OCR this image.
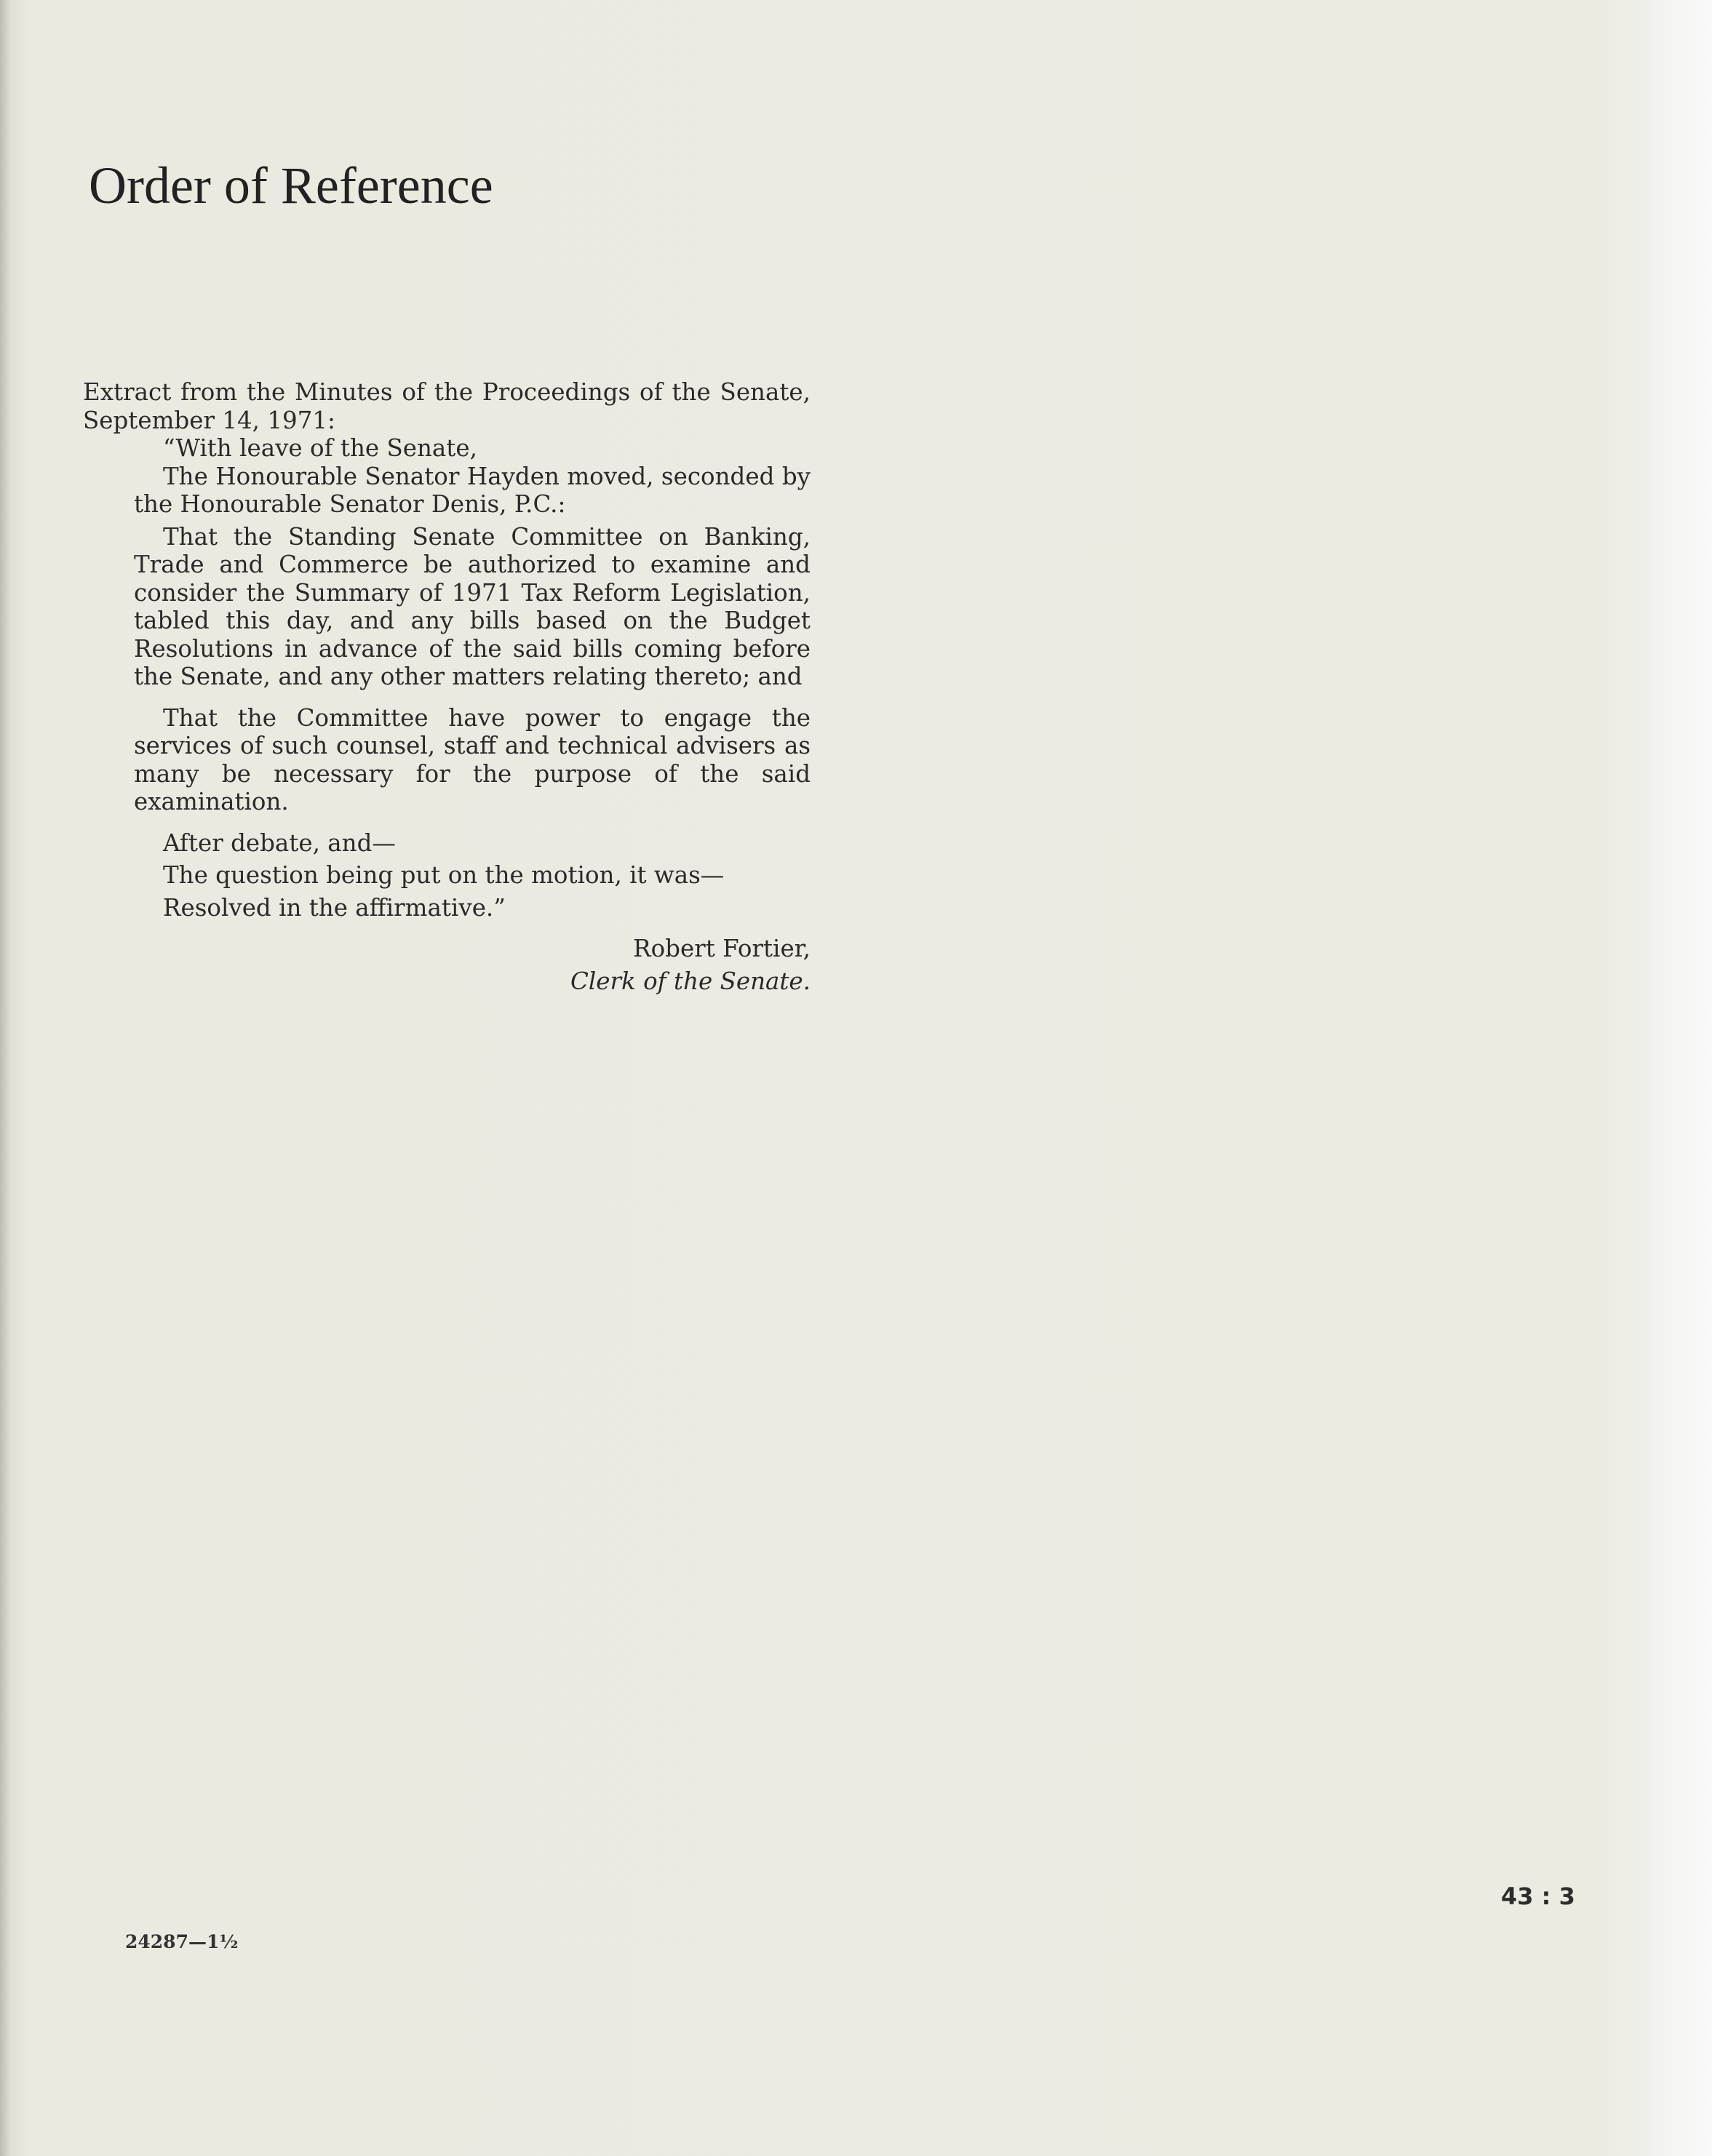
Order of Reference

Extract from the Minutes of the Proceedings of the Senate, September 14, 1971:

“With leave of the Senate,

The Honourable Senator Hayden moved, seconded by the Honourable Senator Denis, P.C.:

That the Standing Senate Committee on Banking, Trade and Commerce be authorized to examine and consider the Summary of 1971 Tax Reform Legislation, tabled this day, and any bills based on the Budget Resolutions in advance of the said bills coming before the Senate, and any other matters relating thereto; and

That the Committee have power to engage the services of such counsel, staff and technical advisers as many be necessary for the purpose of the said examination.

After debate, and—

The question being put on the motion, it was—

Resolved in the affirmative.”

Robert Fortier,

Clerk of the Senate.

43 : 3
24287—1½
